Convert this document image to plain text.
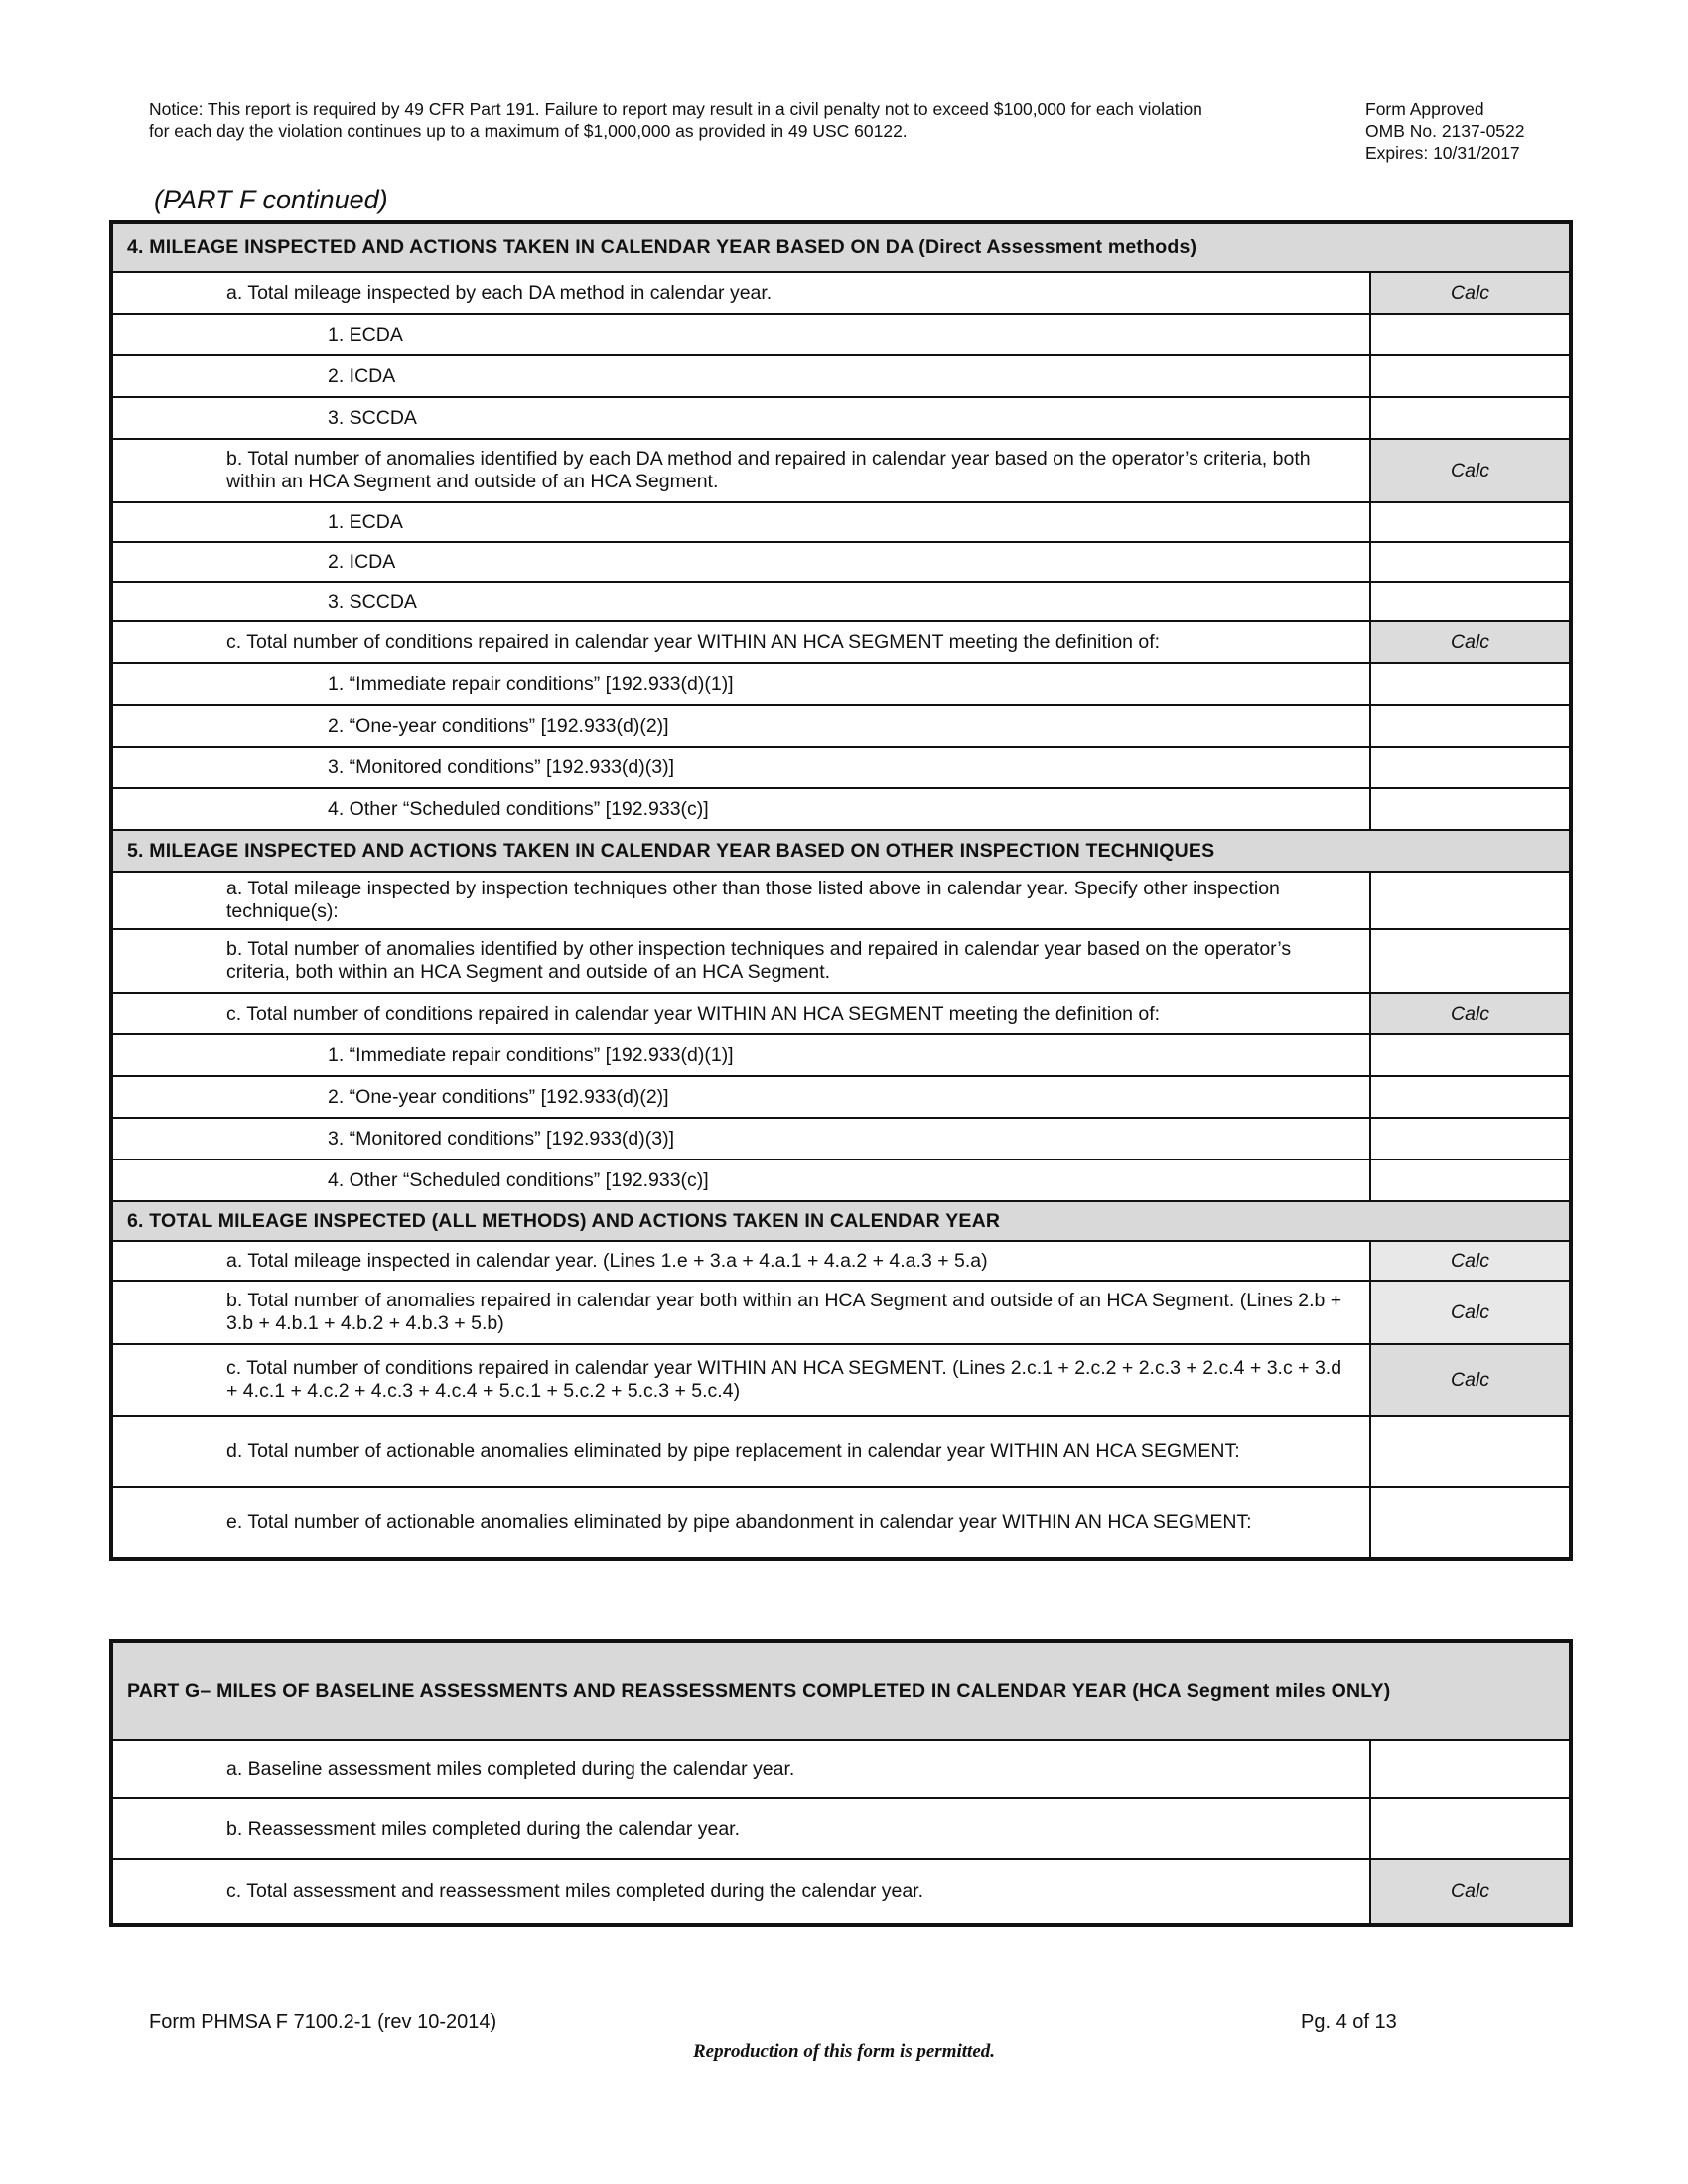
Notice: This report is required by 49 CFR Part 191. Failure to report may result in a civil penalty not to exceed $100,000 for each violation
for each day the violation continues up to a maximum of $1,000,000 as provided in 49 USC 60122.
Form Approved
OMB No. 2137-0522
Expires: 10/31/2017
(PART F continued)
4. MILEAGE INSPECTED AND ACTIONS TAKEN IN CALENDAR YEAR BASED ON DA (Direct Assessment methods)	
a. Total mileage inspected by each DA method in calendar year.	Calc
1. ECDA	
2. ICDA	
3. SCCDA	
b. Total number of anomalies identified by each DA method and repaired in calendar year based on the operator’s criteria, both within an HCA Segment and outside of an HCA Segment.	Calc
1. ECDA	
2. ICDA	
3. SCCDA	
c. Total number of conditions repaired in calendar year WITHIN AN HCA SEGMENT meeting the definition of:	Calc
1. “Immediate repair conditions” [192.933(d)(1)]	
2. “One-year conditions” [192.933(d)(2)]	
3. “Monitored conditions” [192.933(d)(3)]	
4. Other “Scheduled conditions” [192.933(c)]	
5. MILEAGE INSPECTED AND ACTIONS TAKEN IN CALENDAR YEAR BASED ON OTHER INSPECTION TECHNIQUES	
a. Total mileage inspected by inspection techniques other than those listed above in calendar year. Specify other inspection technique(s):	
b. Total number of anomalies identified by other inspection techniques and repaired in calendar year based on the operator’s criteria, both within an HCA Segment and outside of an HCA Segment.	
c. Total number of conditions repaired in calendar year WITHIN AN HCA SEGMENT meeting the definition of:	Calc
1. “Immediate repair conditions” [192.933(d)(1)]	
2. “One-year conditions” [192.933(d)(2)]	
3. “Monitored conditions” [192.933(d)(3)]	
4. Other “Scheduled conditions” [192.933(c)]	
6. TOTAL MILEAGE INSPECTED (ALL METHODS) AND ACTIONS TAKEN IN CALENDAR YEAR	
a. Total mileage inspected in calendar year. (Lines 1.e + 3.a + 4.a.1 + 4.a.2 + 4.a.3 + 5.a)	Calc
b. Total number of anomalies repaired in calendar year both within an HCA Segment and outside of an HCA Segment. (Lines 2.b + 3.b + 4.b.1 + 4.b.2 + 4.b.3 + 5.b)	Calc
c. Total number of conditions repaired in calendar year WITHIN AN HCA SEGMENT. (Lines 2.c.1 + 2.c.2 + 2.c.3 + 2.c.4 + 3.c + 3.d + 4.c.1 + 4.c.2 + 4.c.3 + 4.c.4 + 5.c.1 + 5.c.2 + 5.c.3 + 5.c.4)	Calc
d. Total number of actionable anomalies eliminated by pipe replacement in calendar year WITHIN AN HCA SEGMENT:	
e. Total number of actionable anomalies eliminated by pipe abandonment in calendar year WITHIN AN HCA SEGMENT:	
PART G– MILES OF BASELINE ASSESSMENTS AND REASSESSMENTS COMPLETED IN CALENDAR YEAR (HCA Segment miles ONLY)	
a. Baseline assessment miles completed during the calendar year.	
b. Reassessment miles completed during the calendar year.	
c. Total assessment and reassessment miles completed during the calendar year.	Calc
Form PHMSA F 7100.2-1 (rev 10-2014)	Pg. 4 of 13
Reproduction of this form is permitted.
